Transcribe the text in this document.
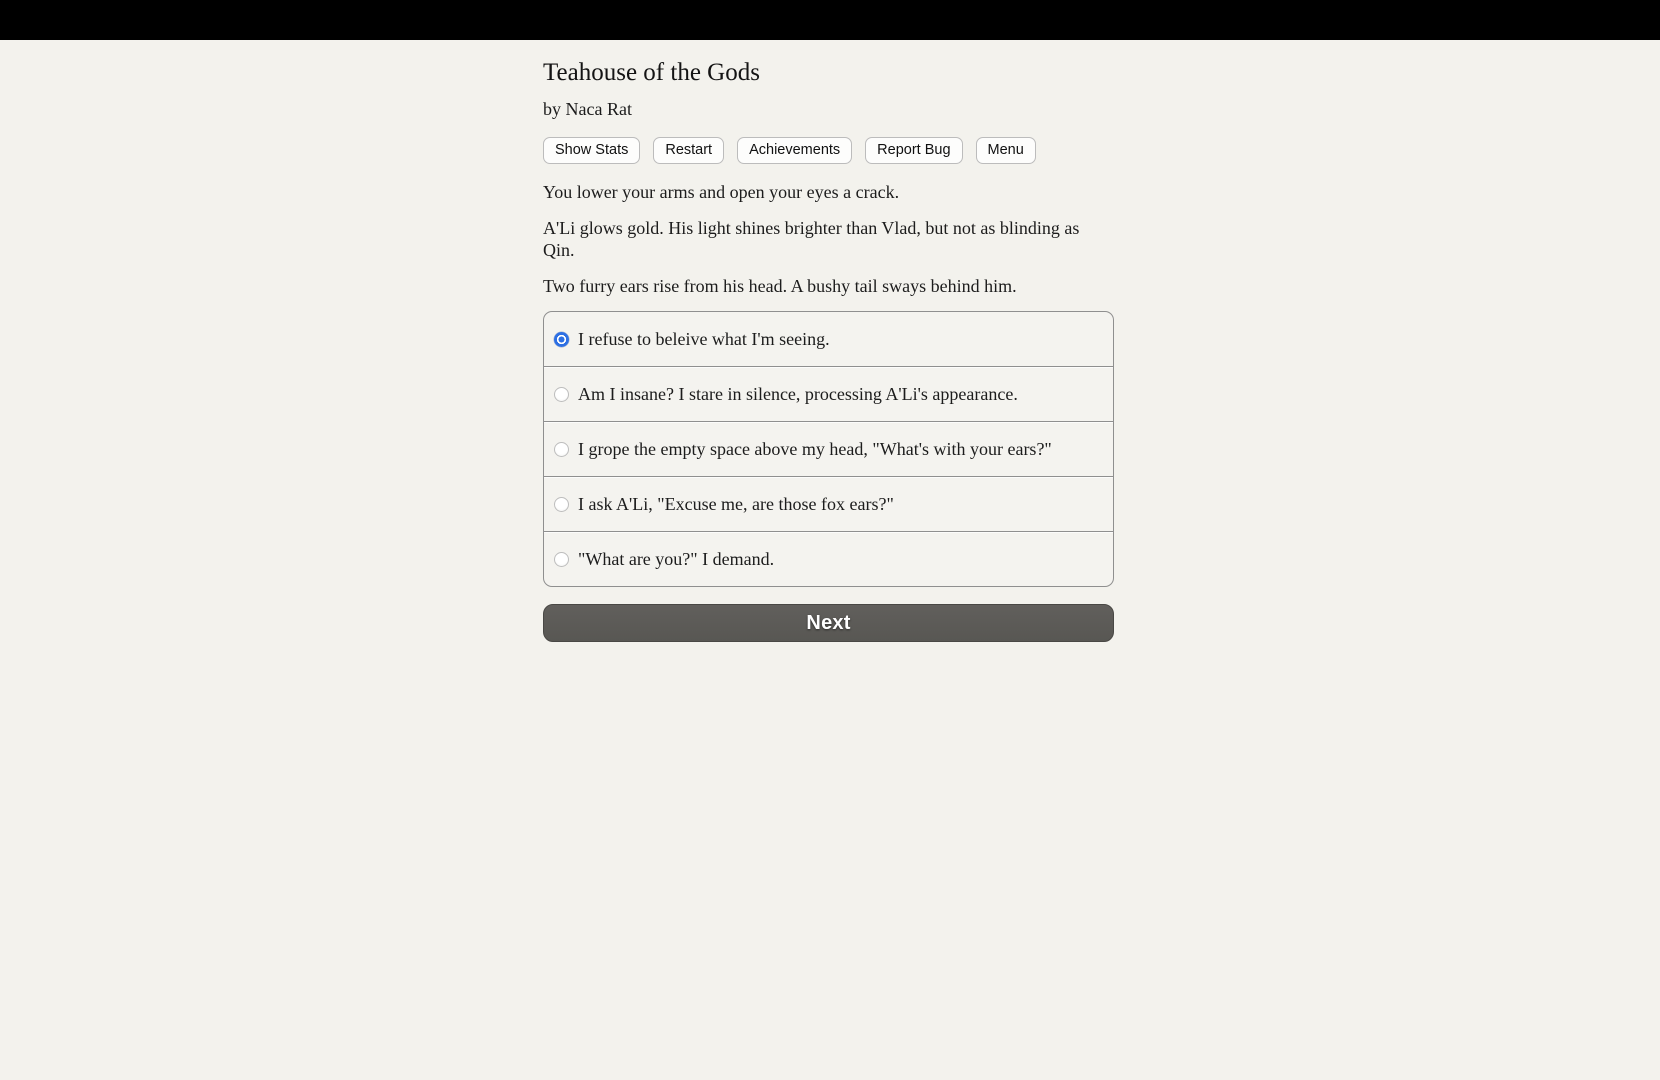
Teahouse of the Gods

by Naca Rat

Show Stats	Restart	Achievements	Report Bug	Menu

You lower your arms and open your eyes a crack.

A'Li glows gold. His light shines brighter than Vlad, but not as blinding as Qin.

Two furry ears rise from his head. A bushy tail sways behind him.

I refuse to beleive what I'm seeing.
Am I insane? I stare in silence, processing A'Li's appearance.
I grope the empty space above my head, "What's with your ears?"
I ask A'Li, "Excuse me, are those fox ears?"
"What are you?" I demand.
Next
